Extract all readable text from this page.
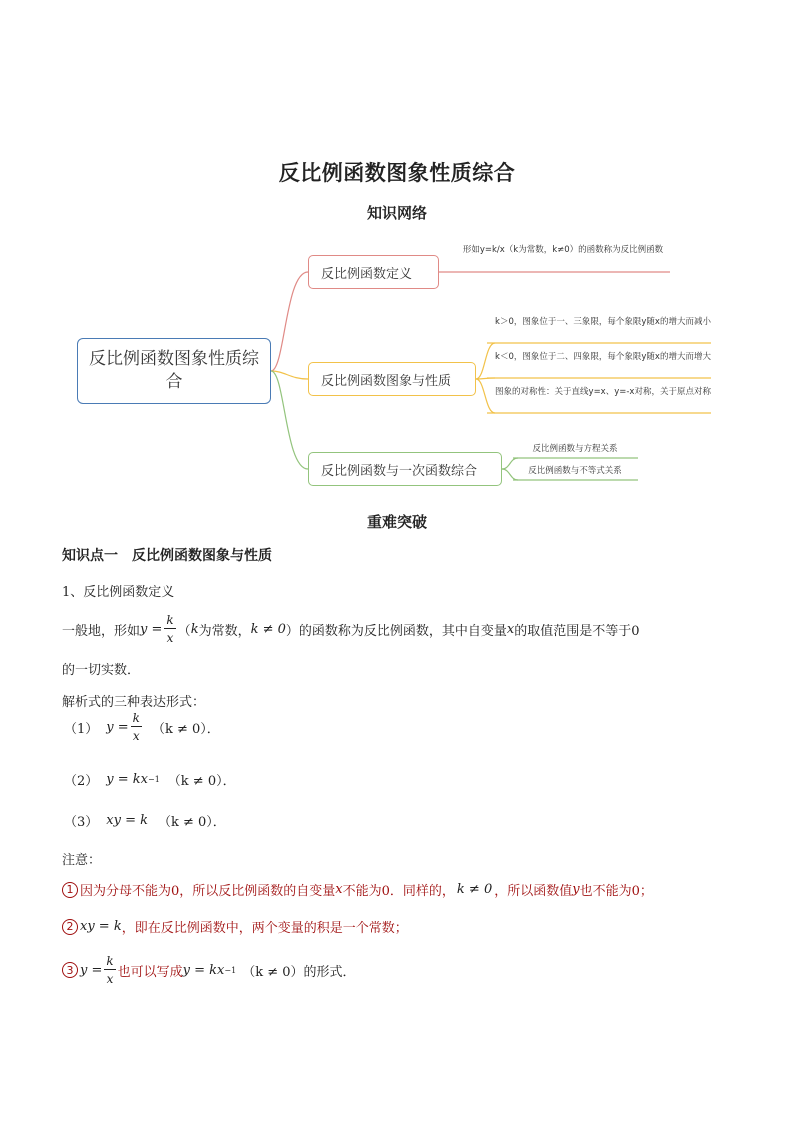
反比例函数图象性质综合
知识网络
反比例函数图象性质综合
反比例函数定义
反比例函数图象与性质
反比例函数与一次函数综合
形如y=k/x（k为常数，k≠0）的函数称为反比例函数
k＞0，图象位于一、三象限，每个象限y随x的增大而减小
k＜0，图象位于二、四象限，每个象限y随x的增大而增大
图象的对称性：关于直线y=x、y=-x对称，关于原点对称
反比例函数与方程关系
反比例函数与不等式关系
重难突破
知识点一　反比例函数图象与性质
1、反比例函数定义
一般地，形如 $y = \frac{k}{x}$ （ k 为常数， k ≠ 0 ）的函数称为反比例函数，其中自变量 x 的取值范围是不等于0
的一切实数．
解析式的三种表达形式：
（1） $y = \frac{k}{x} (k \ne 0)$．
（2） y = kx −1 （k ≠ 0）．
（3） xy = k （k ≠ 0）．
注意：
1 因为分母不能为0，所以反比例函数的自变量 x 不能为0．同样的， k ≠ 0 ，所以函数值 y 也不能为0；
2 xy = k ，即在反比例函数中，两个变量的积是一个常数；
3 $y = \frac{k}{x}$ 也可以写成 y = kx −1 （k ≠ 0）的形式．
